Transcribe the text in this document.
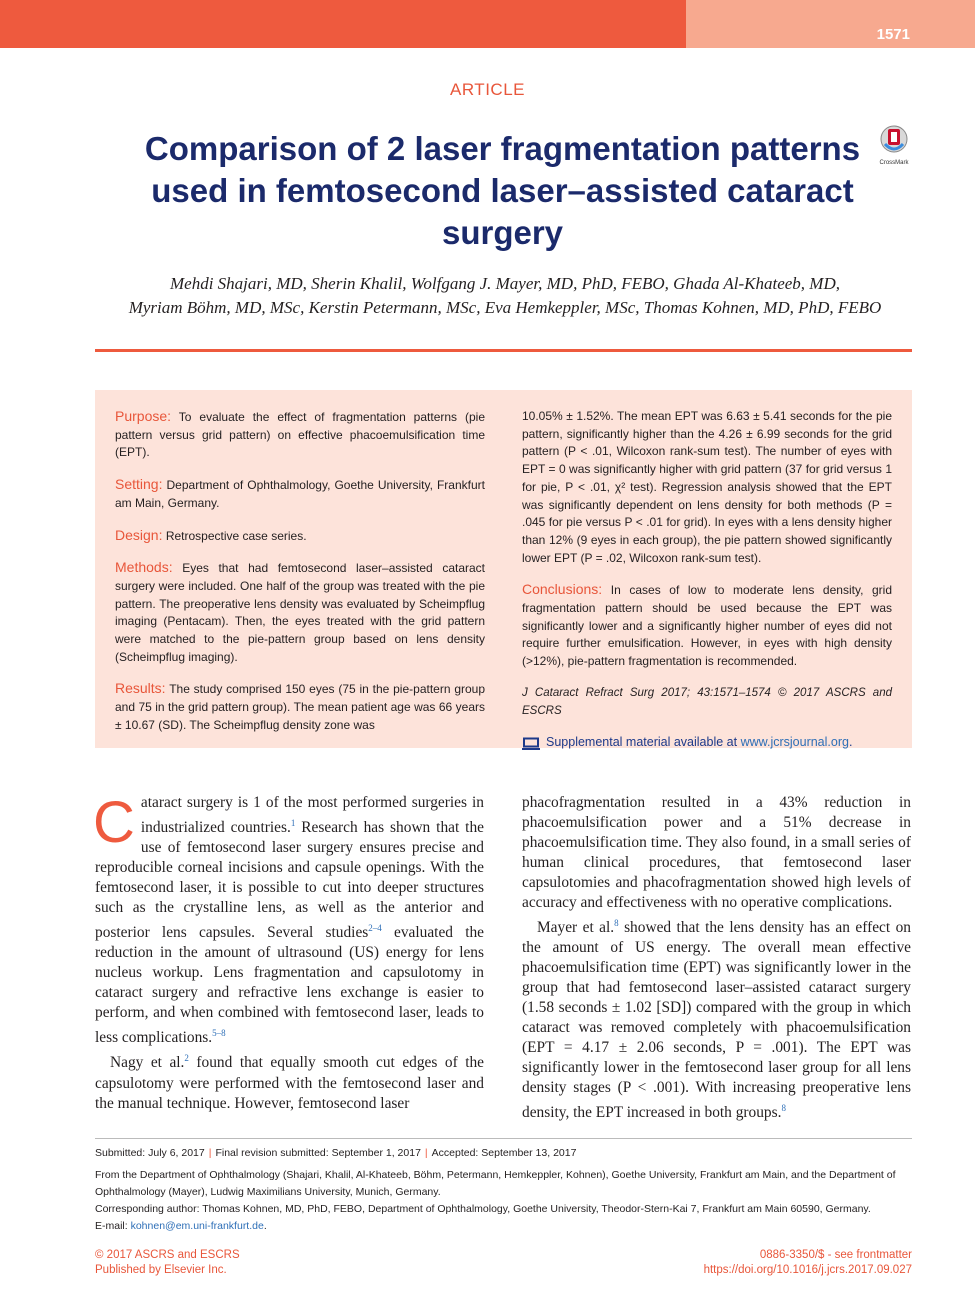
1571
ARTICLE
Comparison of 2 laser fragmentation patterns used in femtosecond laser–assisted cataract surgery
CrossMark
Mehdi Shajari, MD, Sherin Khalil, Wolfgang J. Mayer, MD, PhD, FEBO, Ghada Al-Khateeb, MD,
Myriam Böhm, MD, MSc, Kerstin Petermann, MSc, Eva Hemkeppler, MSc, Thomas Kohnen, MD, PhD, FEBO

Purpose: To evaluate the effect of fragmentation patterns (pie pattern versus grid pattern) on effective phacoemulsification time (EPT).

Setting: Department of Ophthalmology, Goethe University, Frankfurt am Main, Germany.

Design: Retrospective case series.

Methods: Eyes that had femtosecond laser–assisted cataract surgery were included. One half of the group was treated with the pie pattern. The preoperative lens density was evaluated by Scheimpflug imaging (Pentacam). Then, the eyes treated with the grid pattern were matched to the pie-pattern group based on lens density (Scheimpflug imaging).

Results: The study comprised 150 eyes (75 in the pie-pattern group and 75 in the grid pattern group). The mean patient age was 66 years ± 10.67 (SD). The Scheimpflug density zone was

10.05% ± 1.52%. The mean EPT was 6.63 ± 5.41 seconds for the pie pattern, significantly higher than the 4.26 ± 6.99 seconds for the grid pattern (P < .01, Wilcoxon rank-sum test). The number of eyes with EPT = 0 was significantly higher with grid pattern (37 for grid versus 1 for pie, P < .01, χ² test). Regression analysis showed that the EPT was significantly dependent on lens density for both methods (P = .045 for pie versus P < .01 for grid). In eyes with a lens density higher than 12% (9 eyes in each group), the pie pattern showed significantly lower EPT (P = .02, Wilcoxon rank-sum test).

Conclusions: In cases of low to moderate lens density, grid fragmentation pattern should be used because the EPT was significantly lower and a significantly higher number of eyes did not require further emulsification. However, in eyes with high density (>12%), pie-pattern fragmentation is recommended.

J Cataract Refract Surg 2017; 43:1571–1574 © 2017 ASCRS and ESCRS

Supplemental material available at www.jcrsjournal.org.

Cataract surgery is 1 of the most performed surgeries in industrialized countries.$^1$ Research has shown that the use of femtosecond laser surgery ensures precise and reproducible corneal incisions and capsule openings. With the femtosecond laser, it is possible to cut into deeper structures such as the crystalline lens, as well as the anterior and posterior lens capsules. Several studies$^{2-4}$ evaluated the reduction in the amount of ultrasound (US) energy for lens nucleus workup. Lens fragmentation and capsulotomy in cataract surgery and refractive lens exchange is easier to perform, and when combined with femtosecond laser, leads to less complications.$^{5-8}$

Nagy et al.$^2$ found that equally smooth cut edges of the capsulotomy were performed with the femtosecond laser and the manual technique. However, femtosecond laser

phacofragmentation resulted in a 43% reduction in phacoemulsification power and a 51% decrease in phacoemulsification time. They also found, in a small series of human clinical procedures, that femtosecond laser capsulotomies and phacofragmentation showed high levels of accuracy and effectiveness with no operative complications.

Mayer et al.$^8$ showed that the lens density has an effect on the amount of US energy. The overall mean effective phacoemulsification time (EPT) was significantly lower in the group that had femtosecond laser–assisted cataract surgery (1.58 seconds ± 1.02 [SD]) compared with the group in which cataract was removed completely with phacoemulsification (EPT = 4.17 ± 2.06 seconds, P = .001). The EPT was significantly lower in the femtosecond laser group for all lens density stages (P < .001). With increasing preoperative lens density, the EPT increased in both groups.$^8$

Submitted: July 6, 2017 | Final revision submitted: September 1, 2017 | Accepted: September 13, 2017
From the Department of Ophthalmology (Shajari, Khalil, Al-Khateeb, Böhm, Petermann, Hemkeppler, Kohnen), Goethe University, Frankfurt am Main, and the Department of Ophthalmology (Mayer), Ludwig Maximilians University, Munich, Germany.
Corresponding author: Thomas Kohnen, MD, PhD, FEBO, Department of Ophthalmology, Goethe University, Theodor-Stern-Kai 7, Frankfurt am Main 60590, Germany.
E-mail: kohnen@em.uni-frankfurt.de.
© 2017 ASCRS and ESCRS
Published by Elsevier Inc.
0886-3350/$ - see frontmatter
https://doi.org/10.1016/j.jcrs.2017.09.027
